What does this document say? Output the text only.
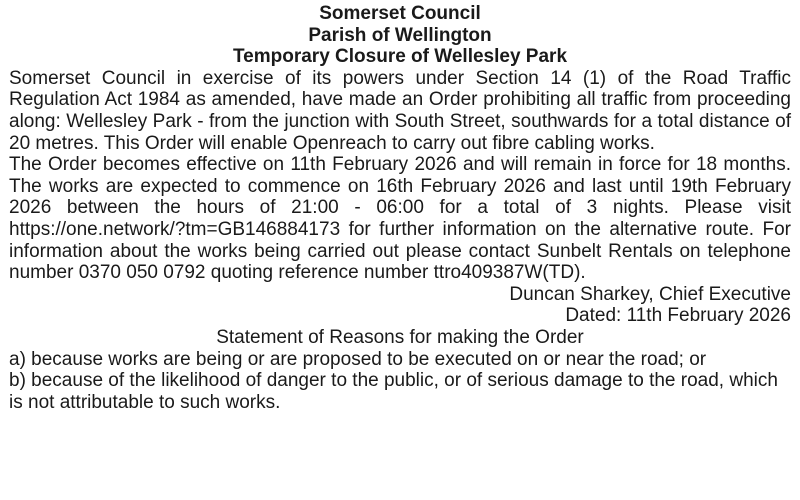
Somerset Council

Parish of Wellington

Temporary Closure of Wellesley Park

Somerset Council in exercise of its powers under Section 14 (1) of the Road Traffic Regulation Act 1984 as amended, have made an Order prohibiting all traffic from proceeding along: Wellesley Park - from the junction with South Street, southwards for a total distance of 20 metres. This Order will enable Openreach to carry out fibre cabling works.

The Order becomes effective on 11th February 2026 and will remain in force for 18 months. The works are expected to commence on 16th February 2026 and last until 19th February 2026 between the hours of 21:00 - 06:00 for a total of 3 nights. Please visit https://one.network/?tm=GB146884173 for further information on the alternative route. For information about the works being carried out please contact Sunbelt Rentals on telephone number 0370 050 0792 quoting reference number ttro409387W(TD).

Duncan Sharkey, Chief Executive

Dated: 11th February 2026

Statement of Reasons for making the Order

a) because works are being or are proposed to be executed on or near the road; or

b) because of the likelihood of danger to the public, or of serious damage to the road, which is not attributable to such works.
